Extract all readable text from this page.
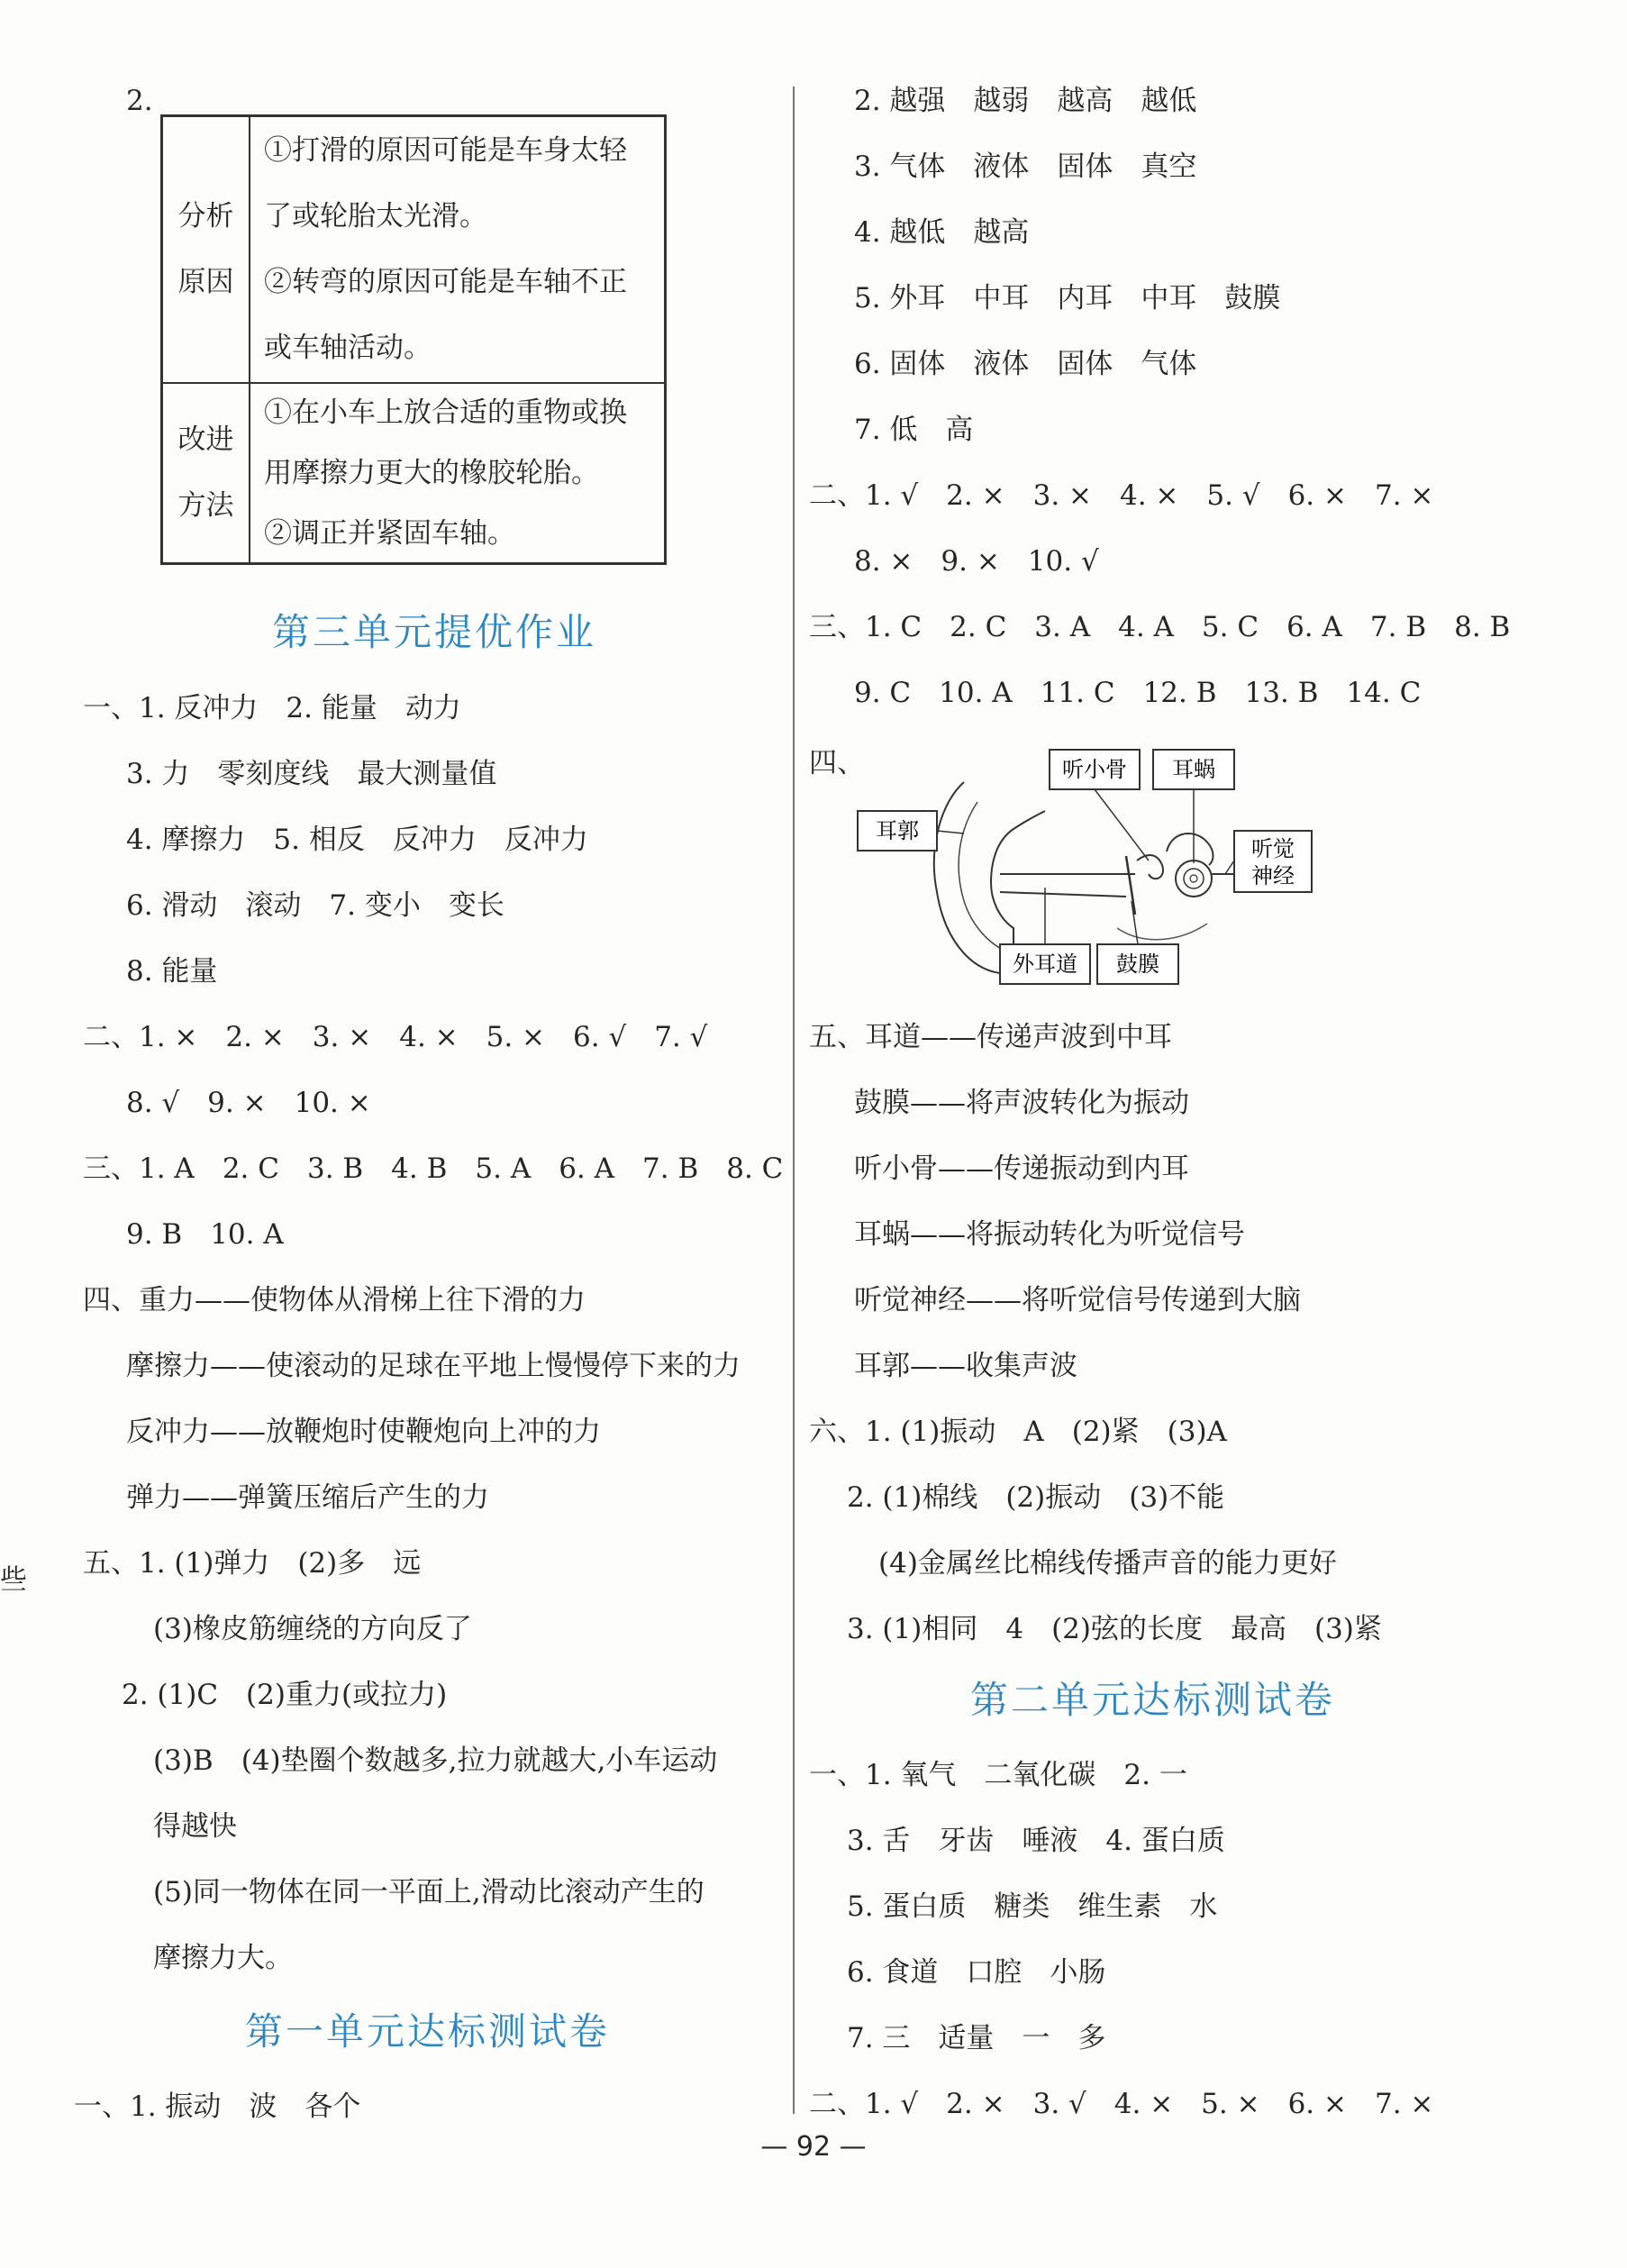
2.
分析
原因	①打滑的原因可能是车身太轻
了或轮胎太光滑。
②转弯的原因可能是车轴不正
或车轴活动。

改进
方法	①在小车上放合适的重物或换
用摩擦力更大的橡胶轮胎。
②调正并紧固车轴。
第三单元提优作业
一、1. 反冲力　2. 能量　动力
3. 力　零刻度线　最大测量值
4. 摩擦力　5. 相反　反冲力　反冲力
6. 滑动　滚动　7. 变小　变长
8. 能量
二、1. ×　2. ×　3. ×　4. ×　5. ×　6. √　7. √
8. √　9. ×　10. ×
三、1. A　2. C　3. B　4. B　5. A　6. A　7. B　8. C
9. B　10. A
四、重力——使物体从滑梯上往下滑的力
摩擦力——使滚动的足球在平地上慢慢停下来的力
反冲力——放鞭炮时使鞭炮向上冲的力
弹力——弹簧压缩后产生的力
五、1. (1)弹力　(2)多　远
(3)橡皮筋缠绕的方向反了
2. (1)C　(2)重力(或拉力)
(3)B　(4)垫圈个数越多,拉力就越大,小车运动
得越快
(5)同一物体在同一平面上,滑动比滚动产生的
摩擦力大。
第一单元达标测试卷
一、1. 振动　波　各个
些
2. 越强　越弱　越高　越低
3. 气体　液体　固体　真空
4. 越低　越高
5. 外耳　中耳　内耳　中耳　鼓膜
6. 固体　液体　固体　气体
7. 低　高
二、1. √　2. ×　3. ×　4. ×　5. √　6. ×　7. ×
8. ×　9. ×　10. √
三、1. C　2. C　3. A　4. A　5. C　6. A　7. B　8. B
9. C　10. A　11. C　12. B　13. B　14. C
四、	听小骨 耳蜗
耳郭
听觉
神经
外耳道 鼓膜
五、耳道——传递声波到中耳
鼓膜——将声波转化为振动
听小骨——传递振动到内耳
耳蜗——将振动转化为听觉信号
听觉神经——将听觉信号传递到大脑
耳郭——收集声波
六、1. (1)振动　A　(2)紧　(3)A
2. (1)棉线　(2)振动　(3)不能
(4)金属丝比棉线传播声音的能力更好
3. (1)相同　4　(2)弦的长度　最高　(3)紧
第二单元达标测试卷
一、1. 氧气　二氧化碳　2. 一
3. 舌　牙齿　唾液　4. 蛋白质
5. 蛋白质　糖类　维生素　水
6. 食道　口腔　小肠
7. 三　适量　一　多
二、1. √　2. ×　3. √　4. ×　5. ×　6. ×　7. ×
— 92 —
